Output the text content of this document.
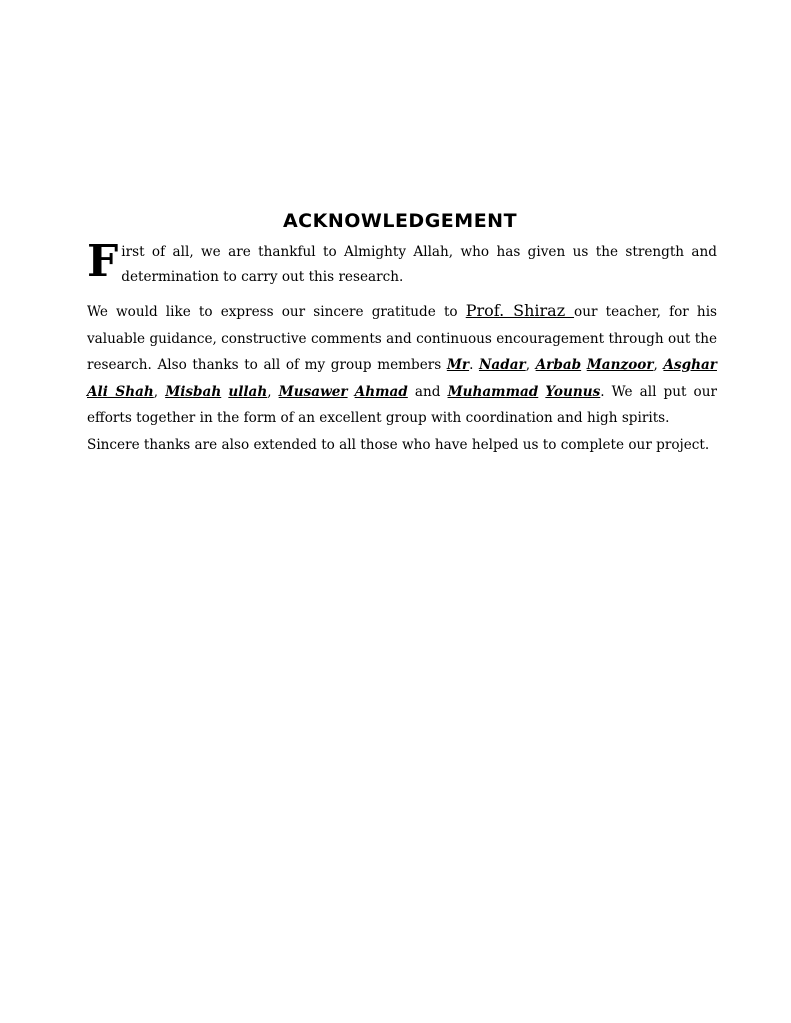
ACKNOWLEDGEMENT

First of all, we are thankful to Almighty Allah, who has given us the strength and determination to carry out this research.

We would like to express our sincere gratitude to Prof. Shiraz our teacher, for his valuable guidance, constructive comments and continuous encouragement through out the research. Also thanks to all of my group members Mr. Nadar, Arbab Manzoor, Asghar Ali Shah, Misbah ullah, Musawer Ahmad and Muhammad Younus. We all put our efforts together in the form of an excellent group with coordination and high spirits.

Sincere thanks are also extended to all those who have helped us to complete our project.
